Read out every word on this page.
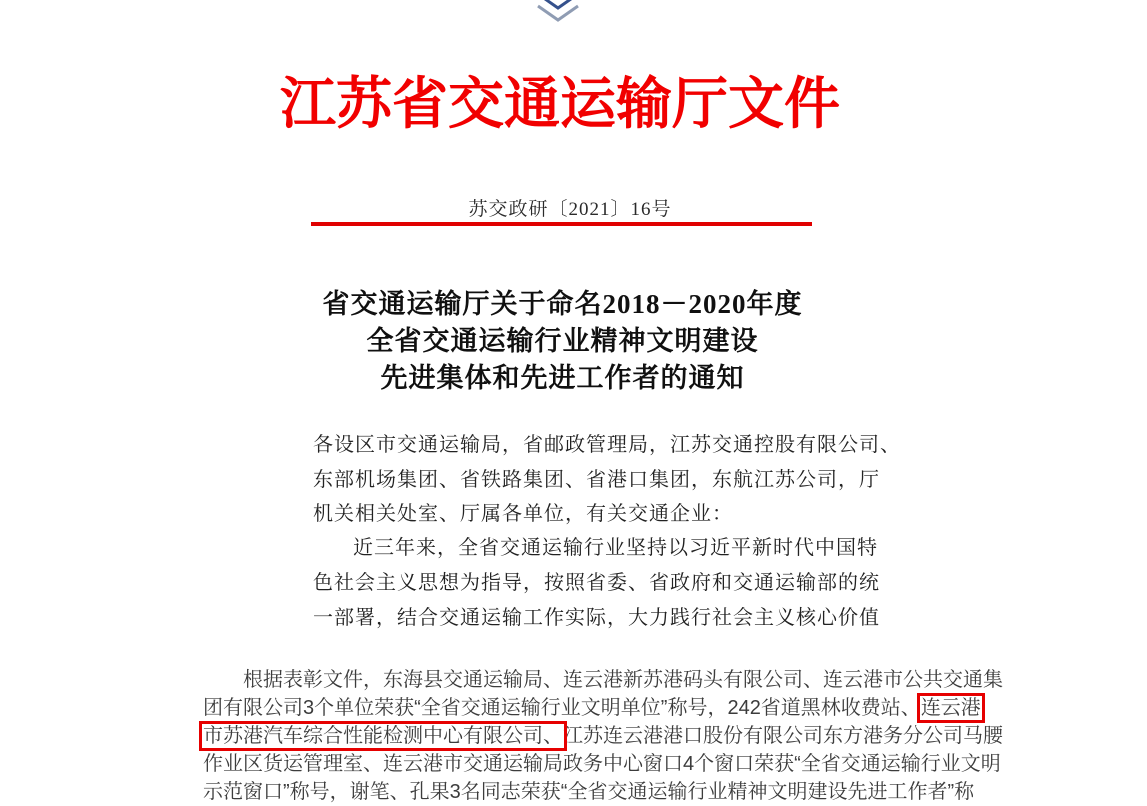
江苏省交通运输厅文件
苏交政研〔2021〕16号
省交通运输厅关于命名2018－2020年度
全省交通运输行业精神文明建设
先进集体和先进工作者的通知
各设区市交通运输局，省邮政管理局，江苏交通控股有限公司、
东部机场集团、省铁路集团、省港口集团，东航江苏公司，厅
机关相关处室、厅属各单位，有关交通企业：
近三年来，全省交通运输行业坚持以习近平新时代中国特
色社会主义思想为指导，按照省委、省政府和交通运输部的统
一部署，结合交通运输工作实际，大力践行社会主义核心价值
根据表彰文件，东海县交通运输局、连云港新苏港码头有限公司、连云港市公共交通集
团有限公司3个单位荣获“全省交通运输行业文明单位”称号，242省道黑林收费站、连云港
市苏港汽车综合性能检测中心有限公司、江苏连云港港口股份有限公司东方港务分公司马腰
作业区货运管理室、连云港市交通运输局政务中心窗口4个窗口荣获“全省交通运输行业文明
示范窗口”称号，谢笔、孔果3名同志荣获“全省交通运输行业精神文明建设先进工作者”称
